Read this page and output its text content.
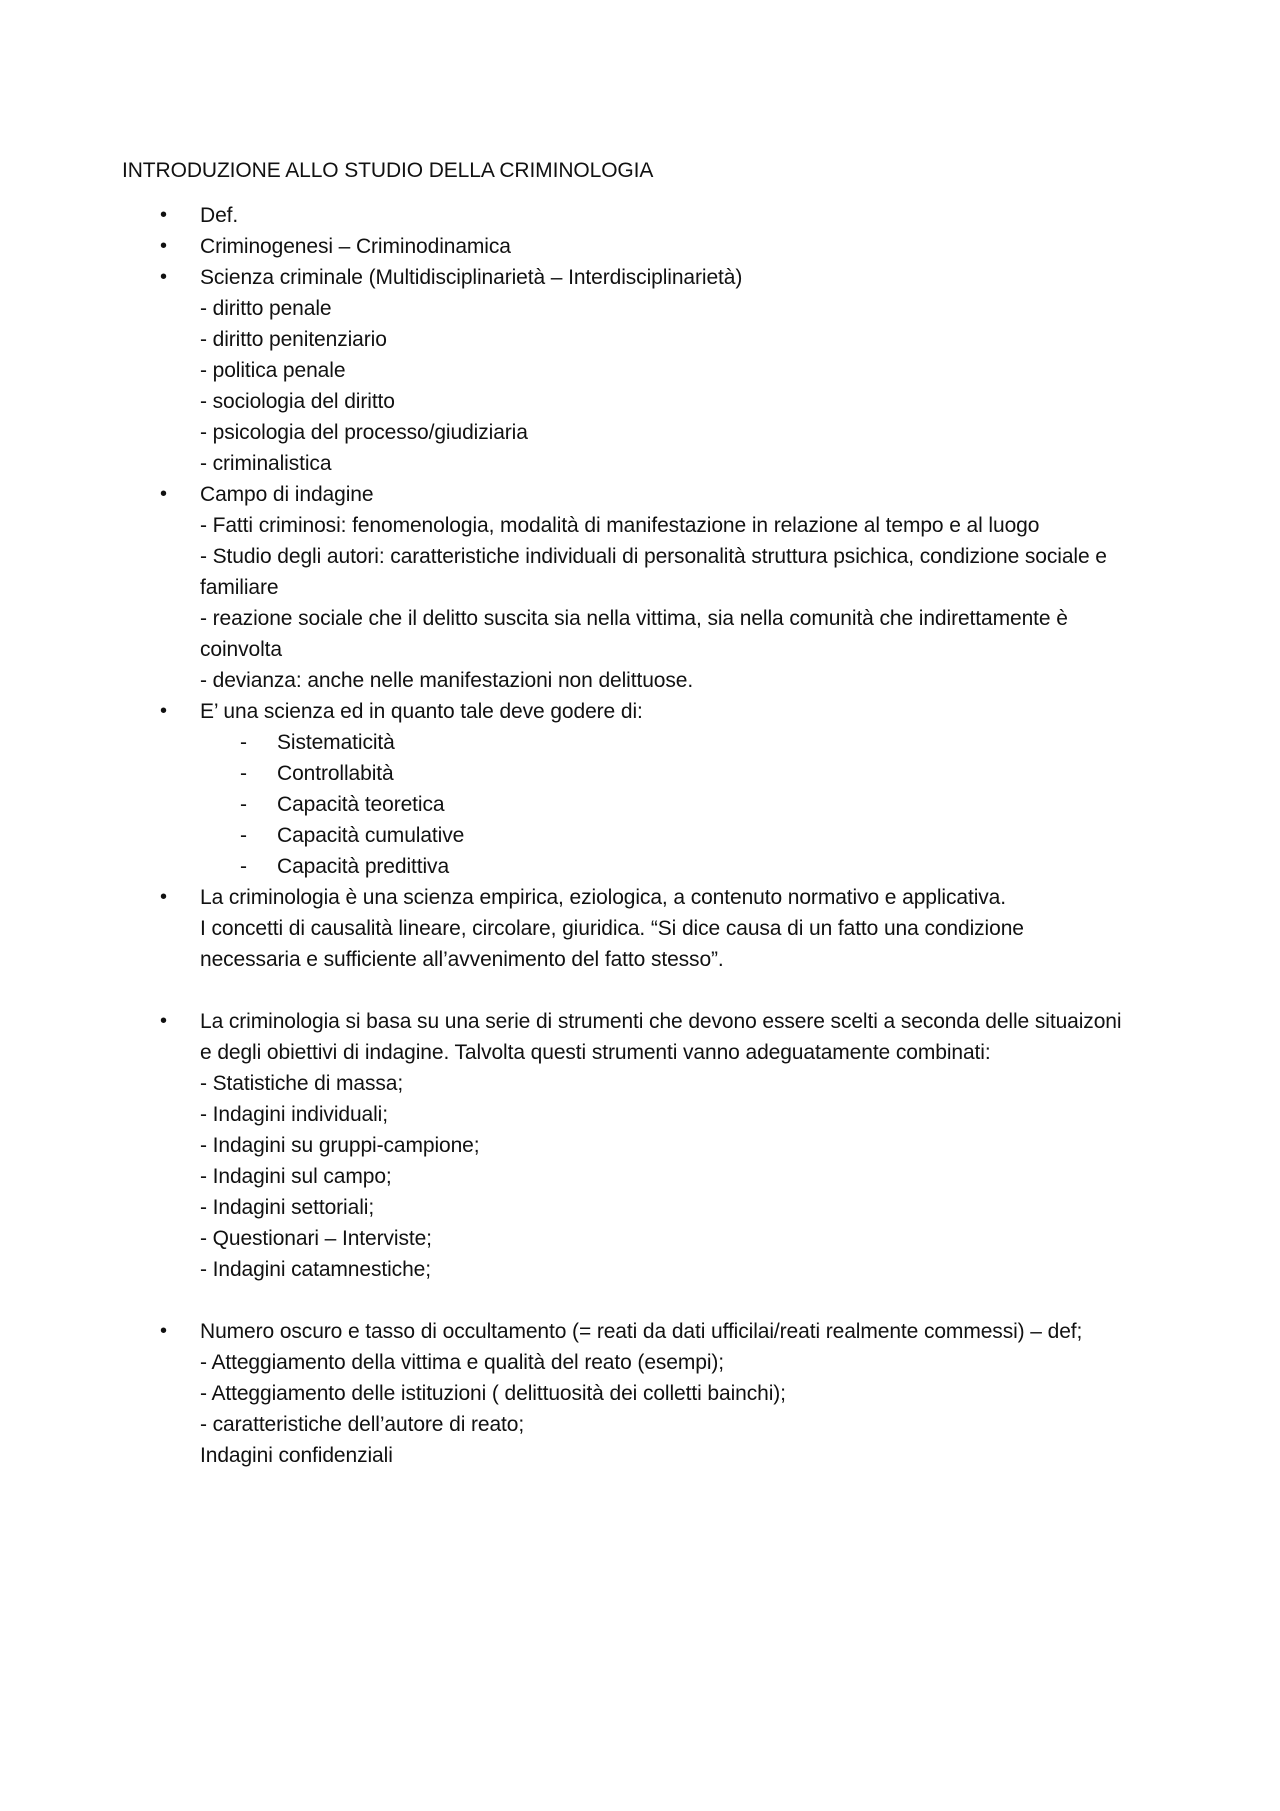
INTRODUZIONE ALLO STUDIO DELLA CRIMINOLOGIA
•	Def.
•	Criminogenesi – Criminodinamica
•	Scienza criminale (Multidisciplinarietà – Interdisciplinarietà)
- diritto penale
- diritto penitenziario
- politica penale
- sociologia del diritto
- psicologia del processo/giudiziaria
- criminalistica
•	Campo di indagine
- Fatti criminosi: fenomenologia, modalità di manifestazione in relazione al tempo e al luogo
- Studio degli autori: caratteristiche individuali di personalità struttura psichica, condizione sociale e
familiare
- reazione sociale che il delitto suscita sia nella vittima, sia nella comunità che indirettamente è
coinvolta
- devianza: anche nelle manifestazioni non delittuose.
•	E’ una scienza ed in quanto tale deve godere di:
- Sistematicità
- Controllabità
- Capacità teoretica
- Capacità cumulative
- Capacità predittiva
•	La criminologia è una scienza empirica, eziologica, a contenuto normativo e applicativa.
I concetti di causalità lineare, circolare, giuridica. “Si dice causa di un fatto una condizione
necessaria e sufficiente all’avvenimento del fatto stesso”.
•	La criminologia si basa su una serie di strumenti che devono essere scelti a seconda delle situaizoni
e degli obiettivi di indagine. Talvolta questi strumenti vanno adeguatamente combinati:
- Statistiche di massa;
- Indagini individuali;
- Indagini su gruppi-campione;
- Indagini sul campo;
- Indagini settoriali;
- Questionari – Interviste;
- Indagini catamnestiche;
•	Numero oscuro e tasso di occultamento (= reati da dati ufficilai/reati realmente commessi) – def;
- Atteggiamento della vittima e qualità del reato (esempi);
- Atteggiamento delle istituzioni ( delittuosità dei colletti bainchi);
- caratteristiche dell’autore di reato;
Indagini confidenziali
